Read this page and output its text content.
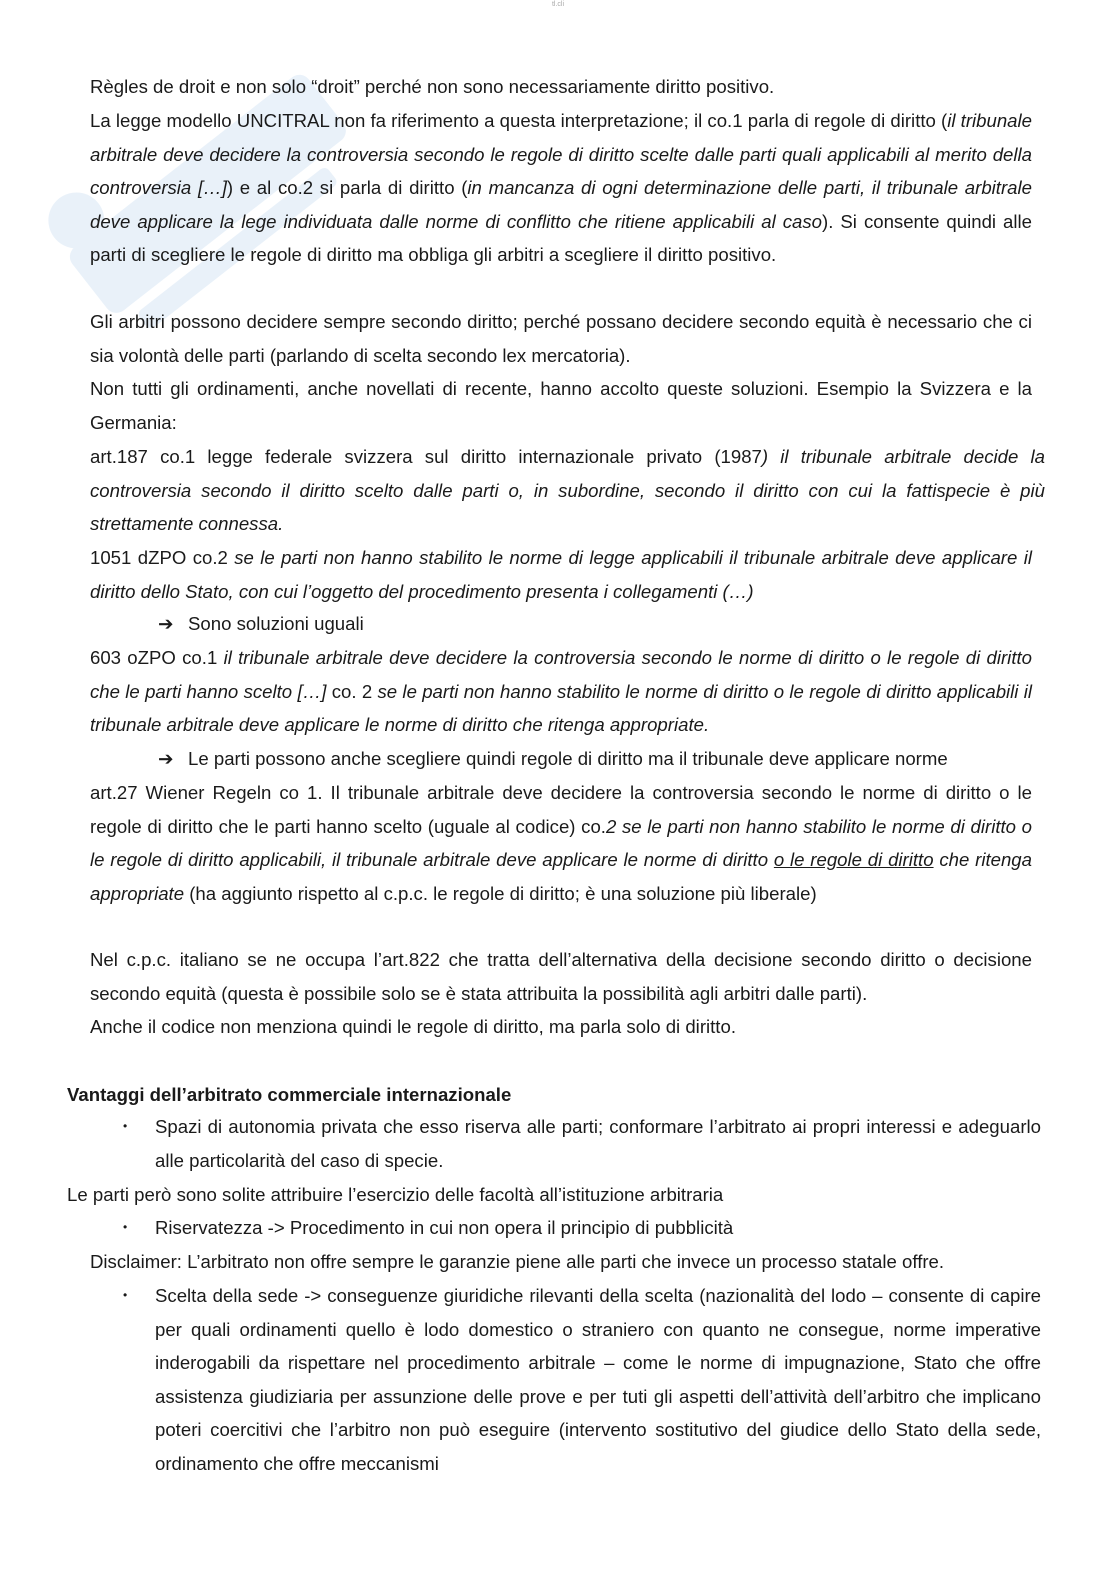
tl.cli

Règles de droit e non solo “droit” perché non sono necessariamente diritto positivo.

La legge modello UNCITRAL non fa riferimento a questa interpretazione; il co.1 parla di regole di diritto (il tribunale arbitrale deve decidere la controversia secondo le regole di diritto scelte dalle parti quali applicabili al merito della controversia […]) e al co.2 si parla di diritto (in mancanza di ogni determinazione delle parti, il tribunale arbitrale deve applicare la lege individuata dalle norme di conflitto che ritiene applicabili al caso). Si consente quindi alle parti di scegliere le regole di diritto ma obbliga gli arbitri a scegliere il diritto positivo.

Gli arbitri possono decidere sempre secondo diritto; perché possano decidere secondo equità è necessario che ci sia volontà delle parti (parlando di scelta secondo lex mercatoria).

Non tutti gli ordinamenti, anche novellati di recente, hanno accolto queste soluzioni. Esempio la Svizzera e la Germania:

art.187 co.1 legge federale svizzera sul diritto internazionale privato (1987) il tribunale arbitrale decide la controversia secondo il diritto scelto dalle parti o, in subordine, secondo il diritto con cui la fattispecie è più strettamente connessa.

1051 dZPO co.2 se le parti non hanno stabilito le norme di legge applicabili il tribunale arbitrale deve applicare il diritto dello Stato, con cui l’oggetto del procedimento presenta i collegamenti (…)

➔ Sono soluzioni uguali

603 oZPO co.1 il tribunale arbitrale deve decidere la controversia secondo le norme di diritto o le regole di diritto che le parti hanno scelto […] co. 2 se le parti non hanno stabilito le norme di diritto o le regole di diritto applicabili il tribunale arbitrale deve applicare le norme di diritto che ritenga appropriate.

➔ Le parti possono anche scegliere quindi regole di diritto ma il tribunale deve applicare norme

art.27 Wiener Regeln co 1. Il tribunale arbitrale deve decidere la controversia secondo le norme di diritto o le regole di diritto che le parti hanno scelto (uguale al codice) co.2 se le parti non hanno stabilito le norme di diritto o le regole di diritto applicabili, il tribunale arbitrale deve applicare le norme di diritto o le regole di diritto che ritenga appropriate (ha aggiunto rispetto al c.p.c. le regole di diritto; è una soluzione più liberale)

Nel c.p.c. italiano se ne occupa l’art.822 che tratta dell’alternativa della decisione secondo diritto o decisione secondo equità (questa è possibile solo se è stata attribuita la possibilità agli arbitri dalle parti).

Anche il codice non menziona quindi le regole di diritto, ma parla solo di diritto.

Vantaggi dell’arbitrato commerciale internazionale

• Spazi di autonomia privata che esso riserva alle parti; conformare l’arbitrato ai propri interessi e adeguarlo alle particolarità del caso di specie.

Le parti però sono solite attribuire l’esercizio delle facoltà all’istituzione arbitraria

• Riservatezza -> Procedimento in cui non opera il principio di pubblicità

Disclaimer: L’arbitrato non offre sempre le garanzie piene alle parti che invece un processo statale offre.

• Scelta della sede -> conseguenze giuridiche rilevanti della scelta (nazionalità del lodo – consente di capire per quali ordinamenti quello è lodo domestico o straniero con quanto ne consegue, norme imperative inderogabili da rispettare nel procedimento arbitrale – come le norme di impugnazione, Stato che offre assistenza giudiziaria per assunzione delle prove e per tuti gli aspetti dell’attività dell’arbitro che implicano poteri coercitivi che l’arbitro non può eseguire (intervento sostitutivo del giudice dello Stato della sede, ordinamento che offre meccanismi
